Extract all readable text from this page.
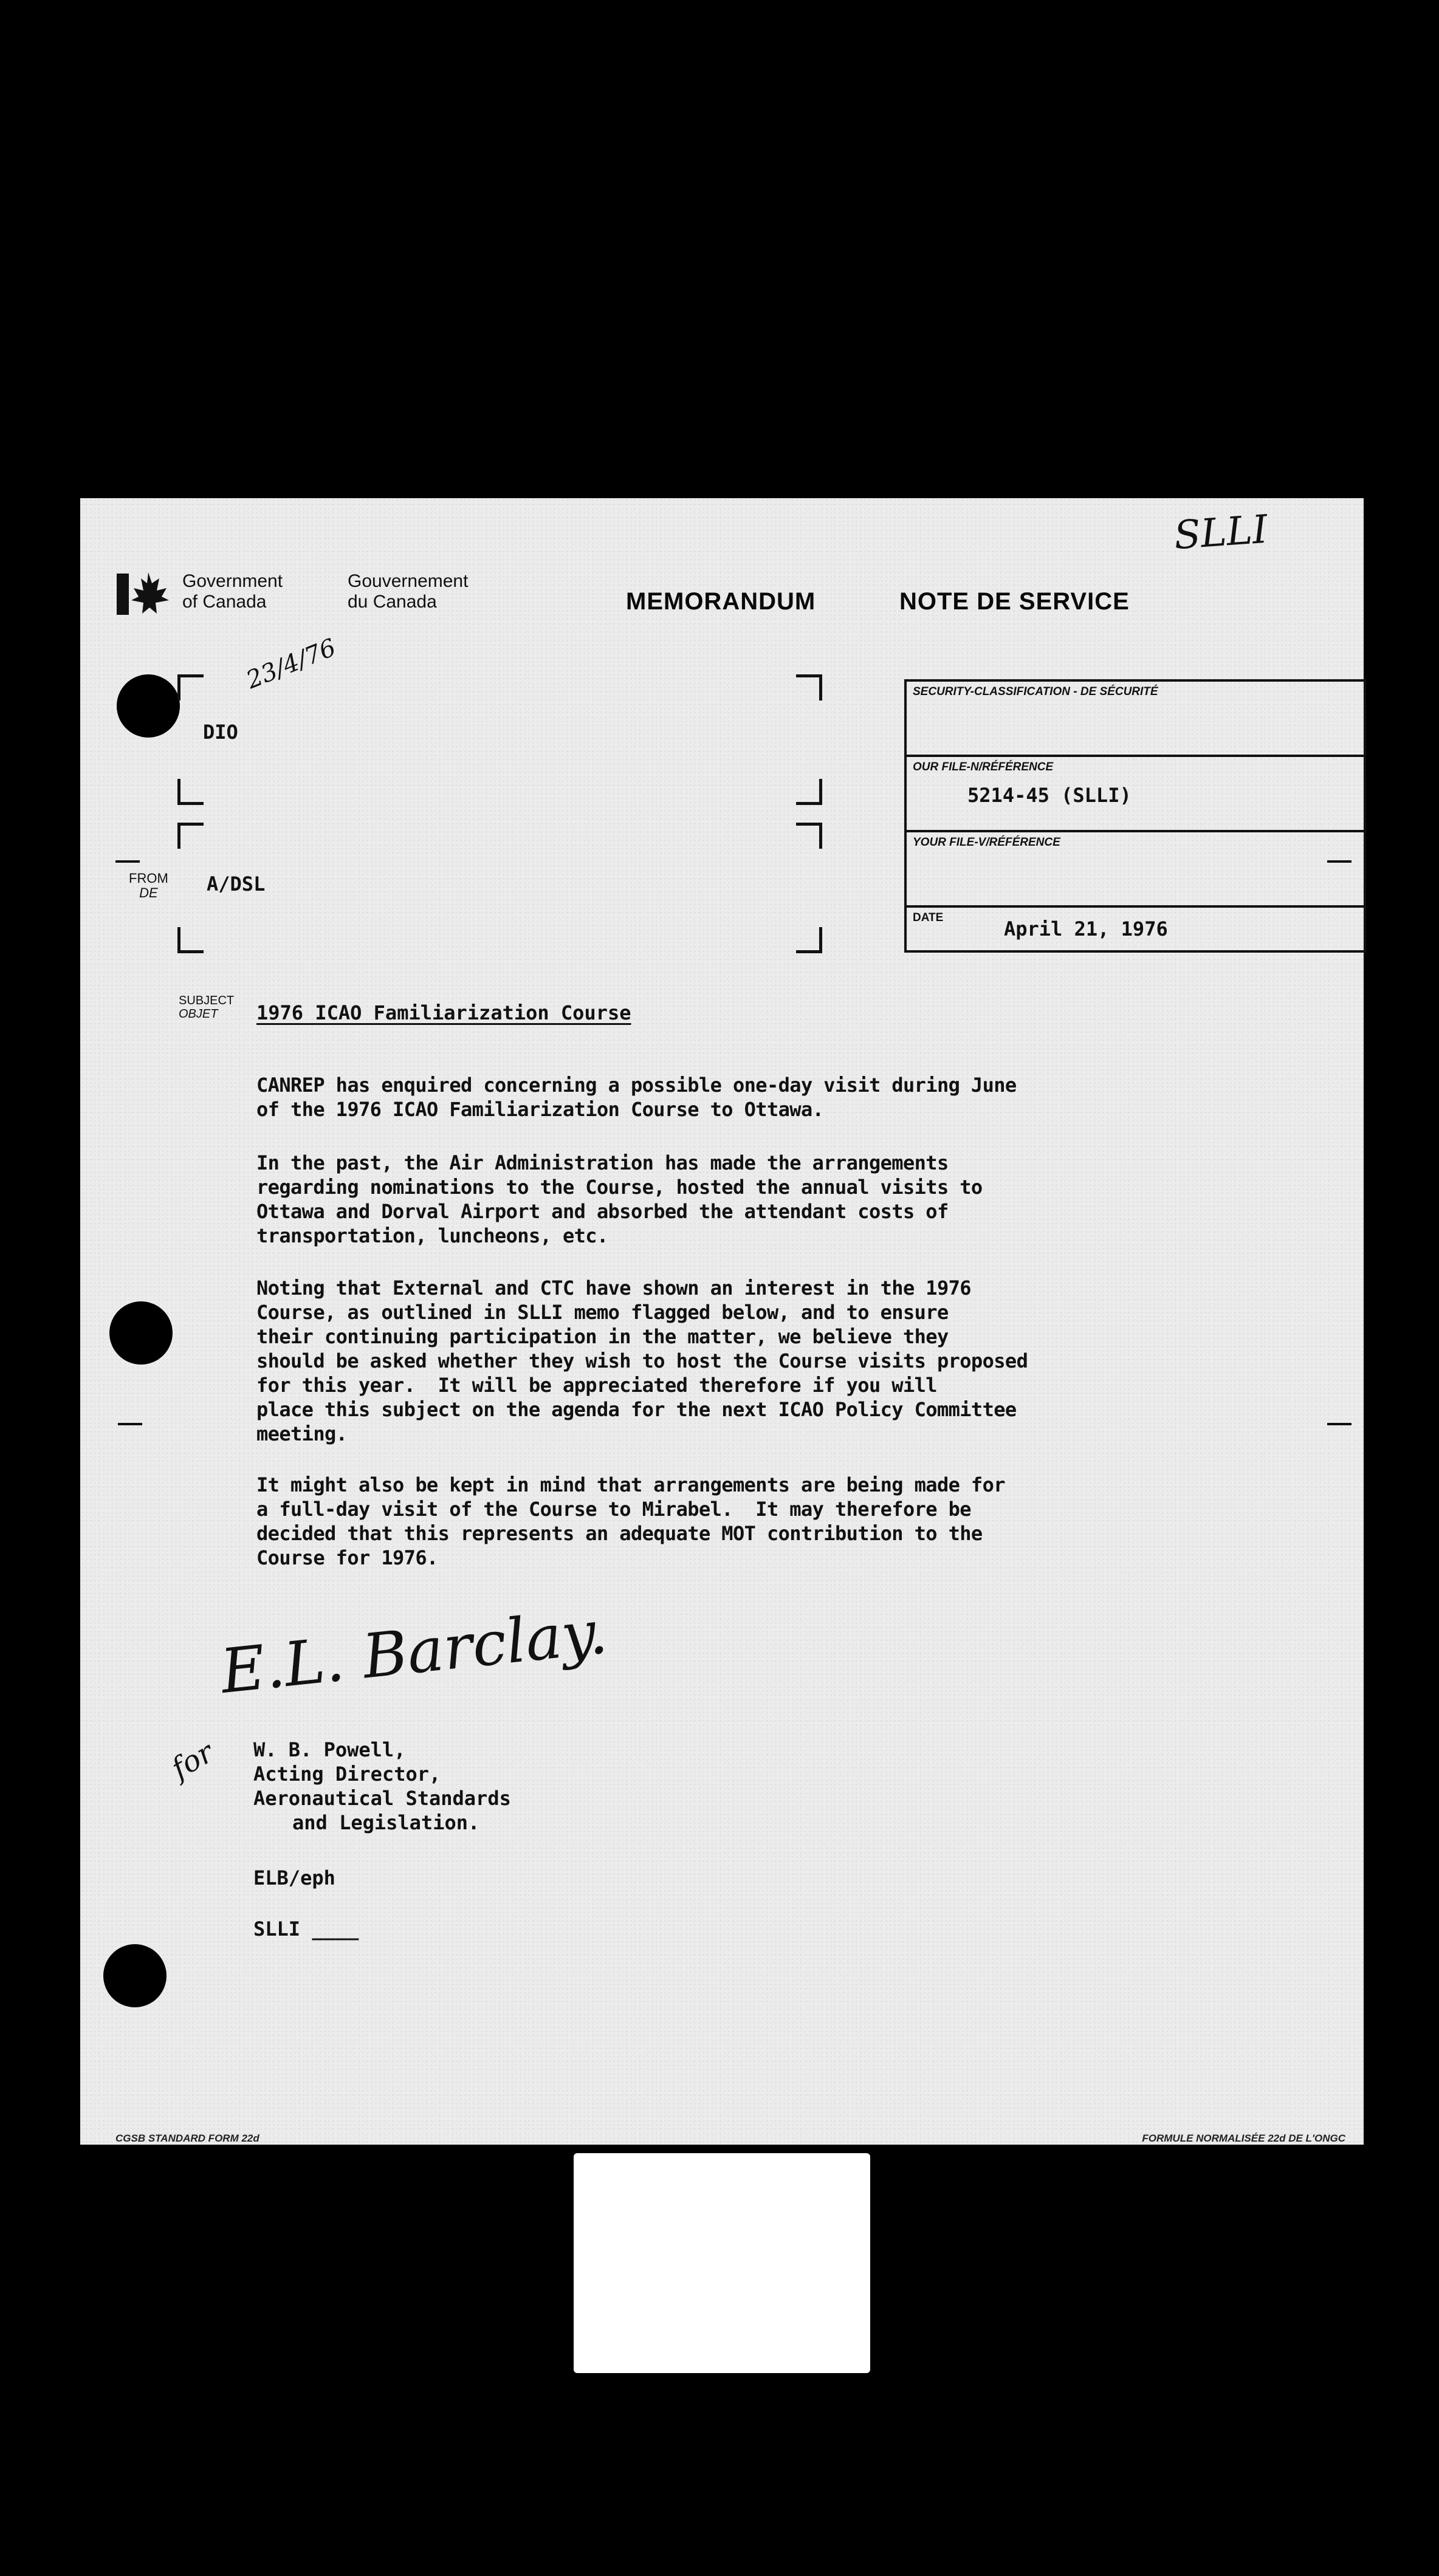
Government
of Canada
Gouvernement
du Canada	MEMORANDUM	NOTE DE SERVICE
SLLI
23/4/76
DIO
FROM
DE	A/DSL
SECURITY-CLASSIFICATION - DE SÉCURITÉ
OUR FILE-N/RÉFÉRENCE
5214-45 (SLLI)
YOUR FILE-V/RÉFÉRENCE
DATE	April 21, 1976
SUBJECT
OBJET	1976 ICAO Familiarization Course
CANREP has enquired concerning a possible one-day visit during June
of the 1976 ICAO Familiarization Course to Ottawa.
In the past, the Air Administration has made the arrangements
regarding nominations to the Course, hosted the annual visits to
Ottawa and Dorval Airport and absorbed the attendant costs of
transportation, luncheons, etc.
Noting that External and CTC have shown an interest in the 1976
Course, as outlined in SLLI memo flagged below, and to ensure
their continuing participation in the matter, we believe they
should be asked whether they wish to host the Course visits proposed
for this year.  It will be appreciated therefore if you will
place this subject on the agenda for the next ICAO Policy Committee
meeting.
It might also be kept in mind that arrangements are being made for
a full-day visit of the Course to Mirabel.  It may therefore be
decided that this represents an adequate MOT contribution to the
Course for 1976.
E.L. Barclay.
for W. B. Powell,
Acting Director,
Aeronautical Standards
and Legislation.
ELB/eph
SLLI ____
CGSB STANDARD FORM 22d	FORMULE NORMALISÉE 22d DE L'ONGC
